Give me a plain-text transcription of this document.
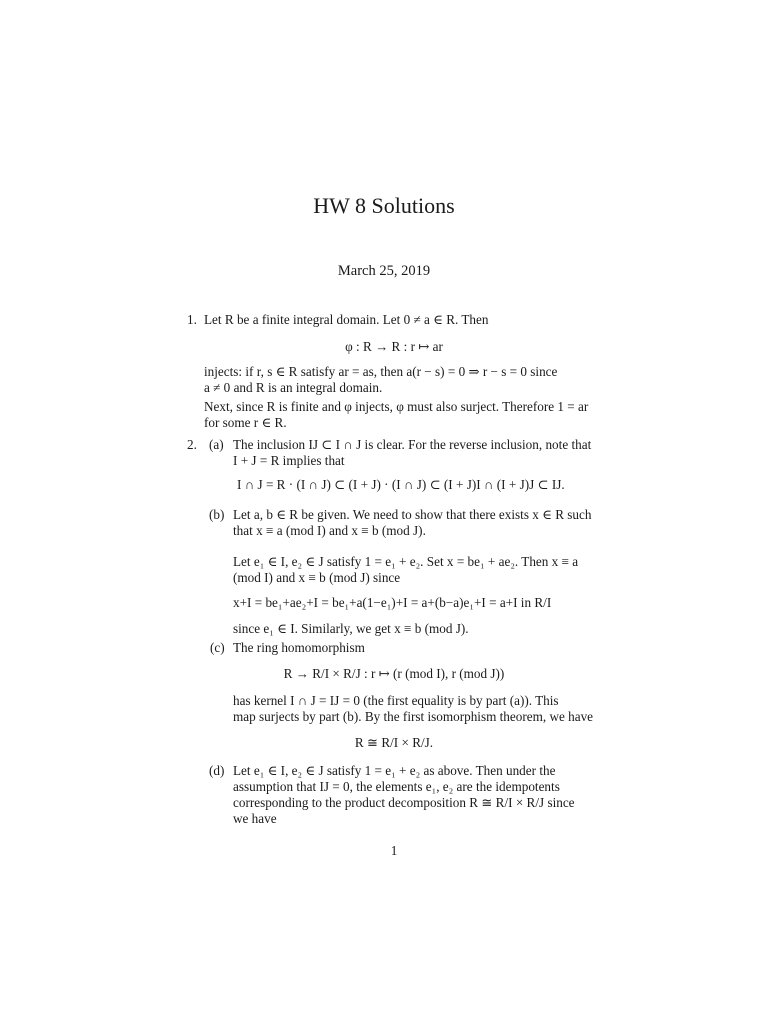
HW 8 Solutions
March 25, 2019
1. Let R be a finite integral domain. Let 0 ≠ a ∈ R. Then
φ : R → R : r ↦ ar
injects: if r, s ∈ R satisfy ar = as, then a(r − s) = 0 ⇒ r − s = 0 since
a ≠ 0 and R is an integral domain.
Next, since R is finite and φ injects, φ must also surject. Therefore 1 = ar
for some r ∈ R.
2. (a) The inclusion IJ ⊂ I ∩ J is clear. For the reverse inclusion, note that
I + J = R implies that
I ∩ J = R · (I ∩ J) ⊂ (I + J) · (I ∩ J) ⊂ (I + J)I ∩ (I + J)J ⊂ IJ.
(b) Let a, b ∈ R be given. We need to show that there exists x ∈ R such
that x ≡ a (mod I) and x ≡ b (mod J).
Let e₁ ∈ I, e₂ ∈ J satisfy 1 = e₁ + e₂. Set x = be₁ + ae₂. Then x ≡ a
(mod I) and x ≡ b (mod J) since
x+I = be₁+ae₂+I = be₁+a(1−e₁)+I = a+(b−a)e₁+I = a+I in R/I
since e₁ ∈ I. Similarly, we get x ≡ b (mod J).
(c) The ring homomorphism
R → R/I × R/J : r ↦ (r (mod I), r (mod J))
has kernel I ∩ J = IJ = 0 (the first equality is by part (a)). This
map surjects by part (b). By the first isomorphism theorem, we have
R ≅ R/I × R/J.
(d) Let e₁ ∈ I, e₂ ∈ J satisfy 1 = e₁ + e₂ as above. Then under the
assumption that IJ = 0, the elements e₁, e₂ are the idempotents
corresponding to the product decomposition R ≅ R/I × R/J since
we have
1
